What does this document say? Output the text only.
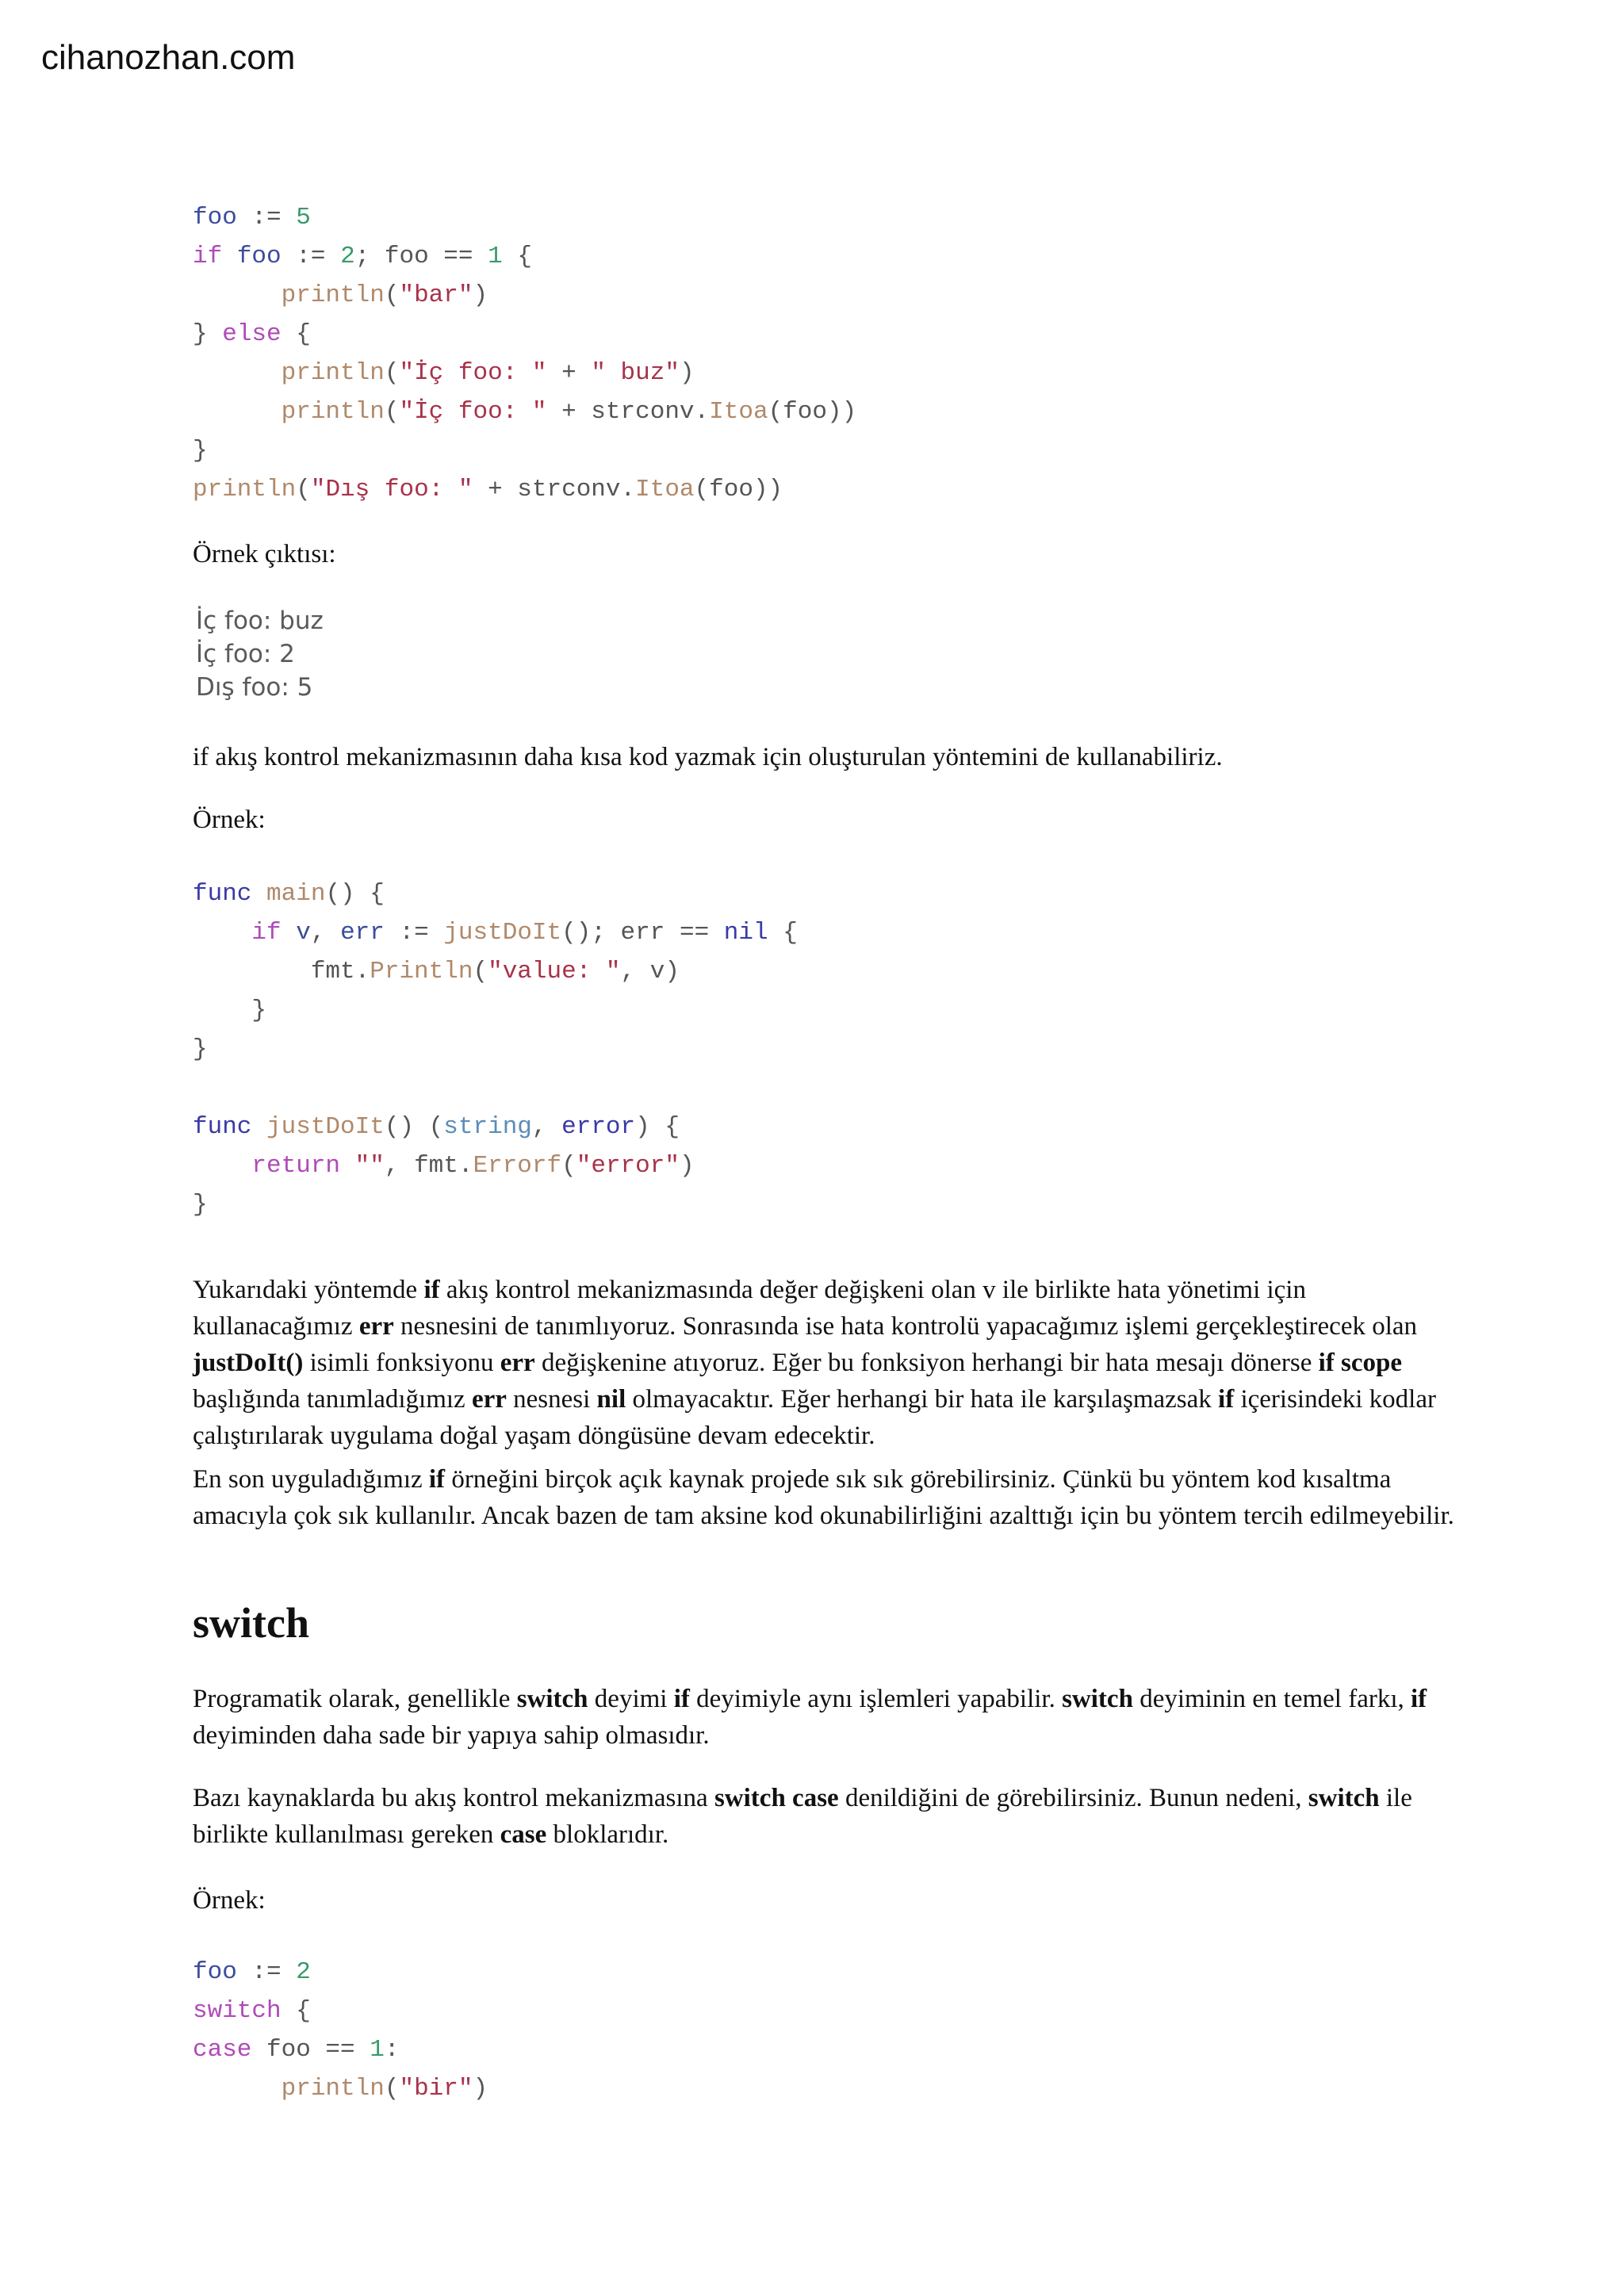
cihanozhan.com
foo := 5
if foo := 2; foo == 1 {
println("bar")
} else {
println("İç foo: " + " buz")
println("İç foo: " + strconv.Itoa(foo))
}
println("Dış foo: " + strconv.Itoa(foo))

Örnek çıktısı:

İç foo: buz
İç foo: 2
Dış foo: 5

if akış kontrol mekanizmasının daha kısa kod yazmak için oluşturulan yöntemini de kullanabiliriz.

Örnek:

func main() {
if v, err := justDoIt(); err == nil {
fmt.Println("value: ", v)
}
}
func justDoIt() (string, error) {
return "", fmt.Errorf("error")
}

Yukarıdaki yöntemde if akış kontrol mekanizmasında değer değişkeni olan v ile birlikte hata yönetimi için kullanacağımız err nesnesini de tanımlıyoruz. Sonrasında ise hata kontrolü yapacağımız işlemi gerçekleştirecek olan justDoIt() isimli fonksiyonu err değişkenine atıyoruz. Eğer bu fonksiyon herhangi bir hata mesajı dönerse if scope başlığında tanımladığımız err nesnesi nil olmayacaktır. Eğer herhangi bir hata ile karşılaşmazsak if içerisindeki kodlar çalıştırılarak uygulama doğal yaşam döngüsüne devam edecektir.

En son uyguladığımız if örneğini birçok açık kaynak projede sık sık görebilirsiniz. Çünkü bu yöntem kod kısaltma amacıyla çok sık kullanılır. Ancak bazen de tam aksine kod okunabilirliğini azalttığı için bu yöntem tercih edilmeyebilir.

switch

Programatik olarak, genellikle switch deyimi if deyimiyle aynı işlemleri yapabilir. switch deyiminin en temel farkı, if deyiminden daha sade bir yapıya sahip olmasıdır.

Bazı kaynaklarda bu akış kontrol mekanizmasına switch case denildiğini de görebilirsiniz. Bunun nedeni, switch ile birlikte kullanılması gereken case bloklarıdır.

Örnek:

foo := 2
switch {
case foo == 1:
println("bir")
